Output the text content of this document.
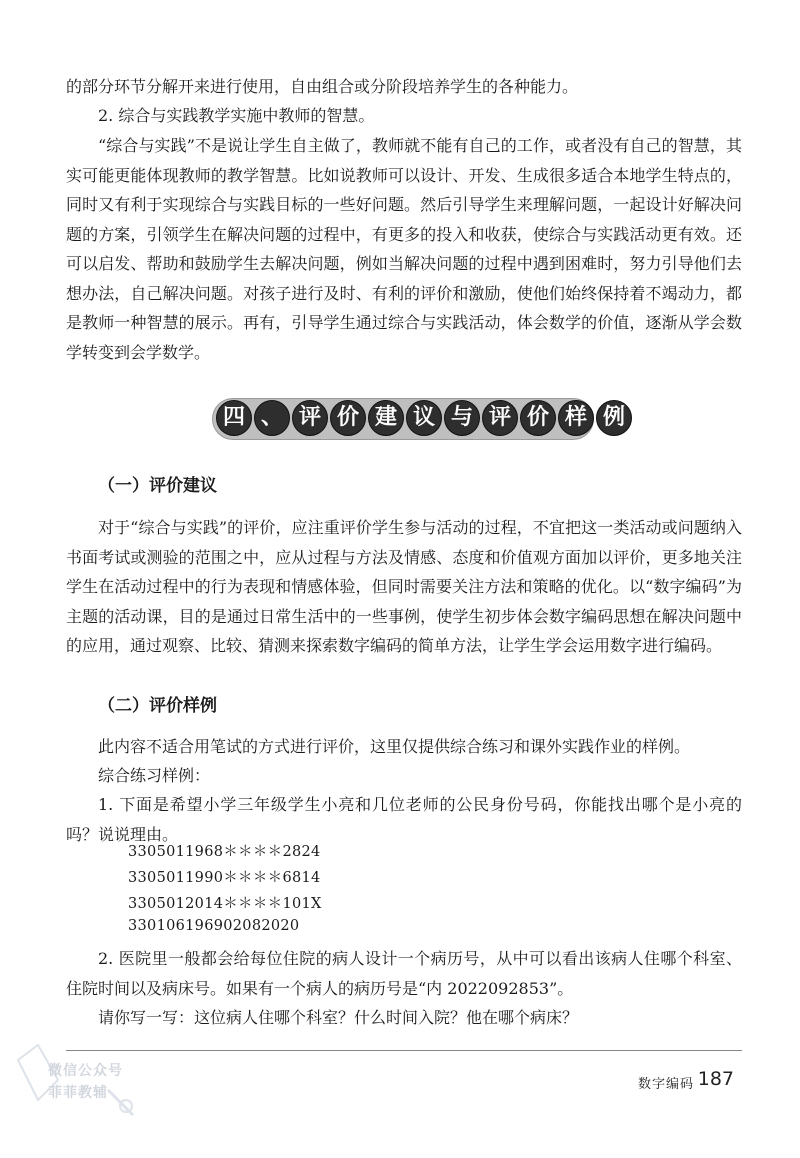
的部分环节分解开来进行使用，自由组合或分阶段培养学生的各种能力。

2. 综合与实践教学实施中教师的智慧。

“综合与实践”不是说让学生自主做了，教师就不能有自己的工作，或者没有自己的智慧，其实可能更能体现教师的教学智慧。比如说教师可以设计、开发、生成很多适合本地学生特点的，同时又有利于实现综合与实践目标的一些好问题。然后引导学生来理解问题，一起设计好解决问题的方案，引领学生在解决问题的过程中，有更多的投入和收获，使综合与实践活动更有效。还可以启发、帮助和鼓励学生去解决问题，例如当解决问题的过程中遇到困难时，努力引导他们去想办法，自己解决问题。对孩子进行及时、有利的评价和激励，使他们始终保持着不竭动力，都是教师一种智慧的展示。再有，引导学生通过综合与实践活动，体会数学的价值，逐渐从学会数学转变到会学数学。

四 、 评 价 建 议 与 评 价 样 例
（一）评价建议

对于“综合与实践”的评价，应注重评价学生参与活动的过程，不宜把这一类活动或问题纳入书面考试或测验的范围之中，应从过程与方法及情感、态度和价值观方面加以评价，更多地关注学生在活动过程中的行为表现和情感体验，但同时需要关注方法和策略的优化。以“数字编码”为主题的活动课，目的是通过日常生活中的一些事例，使学生初步体会数字编码思想在解决问题中的应用，通过观察、比较、猜测来探索数字编码的简单方法，让学生学会运用数字进行编码。

（二）评价样例

此内容不适合用笔试的方式进行评价，这里仅提供综合练习和课外实践作业的样例。

综合练习样例：

1. 下面是希望小学三年级学生小亮和几位老师的公民身份号码，你能找出哪个是小亮的吗？说说理由。

3305011968＊＊＊＊2824

3305011990＊＊＊＊6814

3305012014＊＊＊＊101X

330106196902082020

2. 医院里一般都会给每位住院的病人设计一个病历号，从中可以看出该病人住哪个科室、住院时间以及病床号。如果有一个病人的病历号是“内 2022092853”。

请你写一写：这位病人住哪个科室？什么时间入院？他在哪个病床？

数字编码 187
微信公众号
菲菲教辅
